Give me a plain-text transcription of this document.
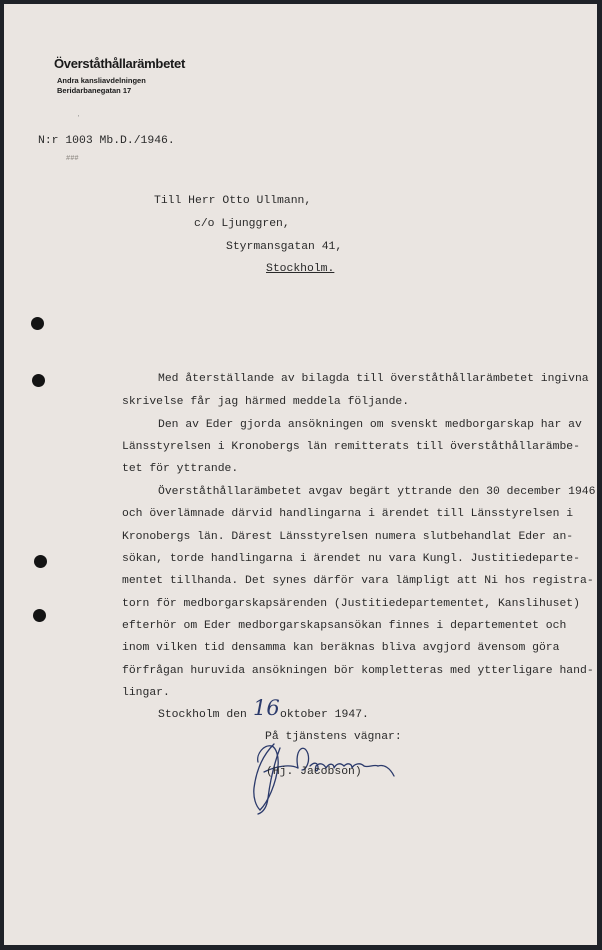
Överståthållarämbetet
Andra kansliavdelningen
Beridarbanegatan 17
ˈ
N:r 1003 Mb.D./1946.
###
Till Herr Otto Ullmann,
c/o Ljunggren,
Styrmansgatan 41,
Stockholm.
Med återställande av bilagda till överståthållarämbetet ingivna
skrivelse får jag härmed meddela följande.
Den av Eder gjorda ansökningen om svenskt medborgarskap har av
Länsstyrelsen i Kronobergs län remitterats till överståthållarämbe-
tet för yttrande.
Överståthållarämbetet avgav begärt yttrande den 30 december 1946
och överlämnade därvid handlingarna i ärendet till Länsstyrelsen i
Kronobergs län. Därest Länsstyrelsen numera slutbehandlat Eder an-
sökan, torde handlingarna i ärendet nu vara Kungl. Justitiedeparte-
mentet tillhanda. Det synes därför vara lämpligt att Ni hos registra-
torn för medborgarskapsärenden (Justitiedepartementet, Kanslihuset)
efterhör om Eder medborgarskapsansökan finnes i departementet och
inom vilken tid densamma kan beräknas bliva avgjord ävensom göra
förfrågan huruvida ansökningen bör kompletteras med ytterligare hand-
lingar.
Stockholm den 16 oktober 1947.
På tjänstens vägnar:
(Hj. Jacobson)
